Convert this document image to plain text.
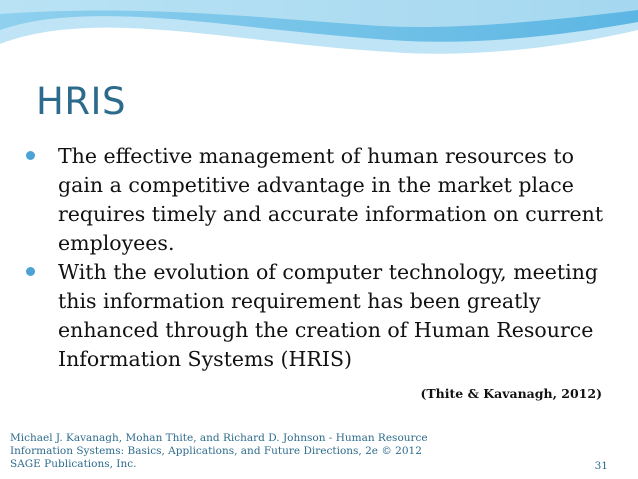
HRIS
The effective management of human resources to gain a competitive advantage in the market place requires timely and accurate information on current employees.
With the evolution of computer technology, meeting this information requirement has been greatly enhanced through the creation of Human Resource Information Systems (HRIS)
(Thite & Kavanagh, 2012)
Michael J. Kavanagh, Mohan Thite, and Richard D. Johnson - Human Resource Information Systems: Basics, Applications, and Future Directions, 2e © 2012 SAGE Publications, Inc.	31
